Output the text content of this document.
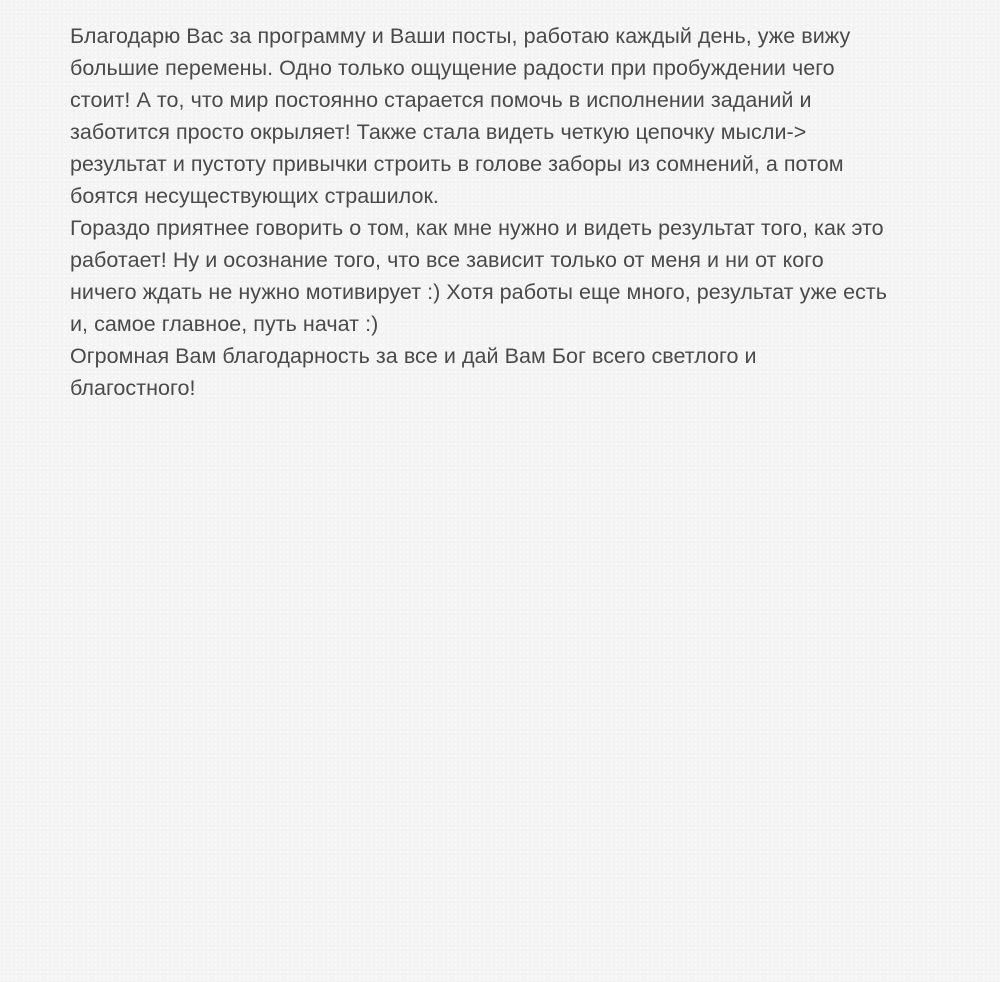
Благодарю Вас за программу и Ваши посты, работаю каждый день, уже вижу
большие перемены. Одно только ощущение радости при пробуждении чего
стоит! А то, что мир постоянно старается помочь в исполнении заданий и
заботится просто окрыляет! Также стала видеть четкую цепочку мысли->
результат и пустоту привычки строить в голове заборы из сомнений, а потом
боятся несуществующих страшилок.

Гораздо приятнее говорить о том, как мне нужно и видеть результат того, как это
работает! Ну и осознание того, что все зависит только от меня и ни от кого
ничего ждать не нужно мотивирует :) Хотя работы еще много, результат уже есть
и, самое главное, путь начат :)

Огромная Вам благодарность за все и дай Вам Бог всего светлого и
благостного!
